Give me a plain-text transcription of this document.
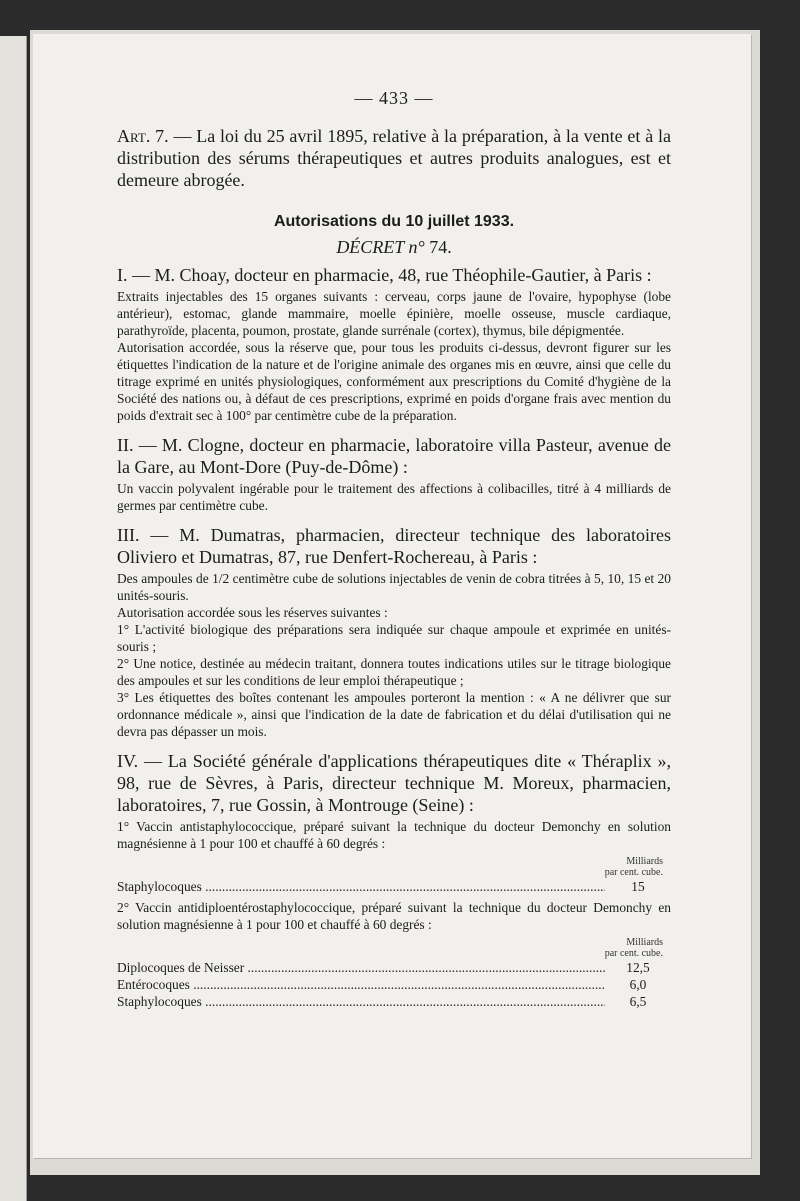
— 433 —

Art. 7. — La loi du 25 avril 1895, relative à la préparation, à la vente et à la distribution des sérums thérapeutiques et autres produits analogues, est et demeure abrogée.

Autorisations du 10 juillet 1933.
DÉCRET n° 74.
I. — M. Choay, docteur en pharmacie, 48, rue Théophile-Gautier, à Paris :

Extraits injectables des 15 organes suivants : cerveau, corps jaune de l'ovaire, hypophyse (lobe antérieur), estomac, glande mammaire, moelle épinière, moelle osseuse, muscle cardiaque, parathyroïde, placenta, poumon, prostate, glande surrénale (cortex), thymus, bile dépigmentée.

Autorisation accordée, sous la réserve que, pour tous les produits ci-dessus, devront figurer sur les étiquettes l'indication de la nature et de l'origine animale des organes mis en œuvre, ainsi que celle du titrage exprimé en unités physiologiques, conformément aux prescriptions du Comité d'hygiène de la Société des nations ou, à défaut de ces prescriptions, exprimé en poids d'organe frais avec mention du poids d'extrait sec à 100° par centimètre cube de la préparation.

II. — M. Clogne, docteur en pharmacie, laboratoire villa Pasteur, avenue de la Gare, au Mont-Dore (Puy-de-Dôme) :

Un vaccin polyvalent ingérable pour le traitement des affections à colibacilles, titré à 4 milliards de germes par centimètre cube.

III. — M. Dumatras, pharmacien, directeur technique des laboratoires Oliviero et Dumatras, 87, rue Denfert-Rochereau, à Paris :

Des ampoules de 1/2 centimètre cube de solutions injectables de venin de cobra titrées à 5, 10, 15 et 20 unités-souris.

Autorisation accordée sous les réserves suivantes :

1° L'activité biologique des préparations sera indiquée sur chaque ampoule et exprimée en unités-souris ;

2° Une notice, destinée au médecin traitant, donnera toutes indications utiles sur le titrage biologique des ampoules et sur les conditions de leur emploi thérapeutique ;

3° Les étiquettes des boîtes contenant les ampoules porteront la mention : « A ne délivrer que sur ordonnance médicale », ainsi que l'indication de la date de fabrication et du délai d'utilisation qui ne devra pas dépasser un mois.

IV. — La Société générale d'applications thérapeutiques dite « Théraplix », 98, rue de Sèvres, à Paris, directeur technique M. Moreux, pharmacien, laboratoires, 7, rue Gossin, à Montrouge (Seine) :

1° Vaccin antistaphylococcique, préparé suivant la technique du docteur Demonchy en solution magnésienne à 1 pour 100 et chauffé à 60 degrés :

Milliards
par cent. cube.
Staphylocoques .....	15

2° Vaccin antidiploentérostaphylococcique, préparé suivant la technique du docteur Demonchy en solution magnésienne à 1 pour 100 et chauffé à 60 degrés :

Milliards
par cent. cube.
Diplocoques de Neisser .....	12,5
Entérocoques .....	6,0
Staphylocoques .....	6,5
